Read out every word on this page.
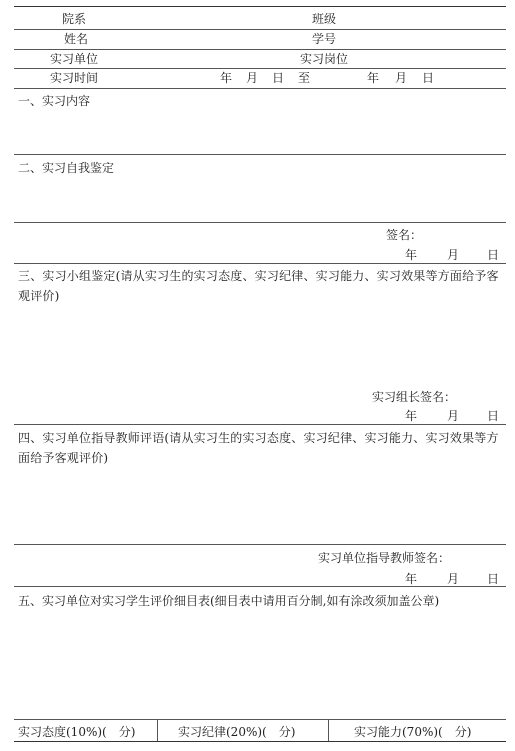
院系	班级
姓名	学号
实习单位	实习岗位
实习时间	年 月 日 至	年 月 日
一、实习内容
二、实习自我鉴定
签名：
年 月 日
三、实习小组鉴定(请从实习生的实习态度、实习纪律、实习能力、实习效果等方面给予客观评价)
实习组长签名：
年 月 日
四、实习单位指导教师评语(请从实习生的实习态度、实习纪律、实习能力、实习效果等方面给予客观评价)
实习单位指导教师签名：
年 月 日
五、实习单位对实习学生评价细目表(细目表中请用百分制,如有涂改须加盖公章)
实习态度(10%)(　分)	实习纪律(20%)(　分)	实习能力(70%)(　分)
